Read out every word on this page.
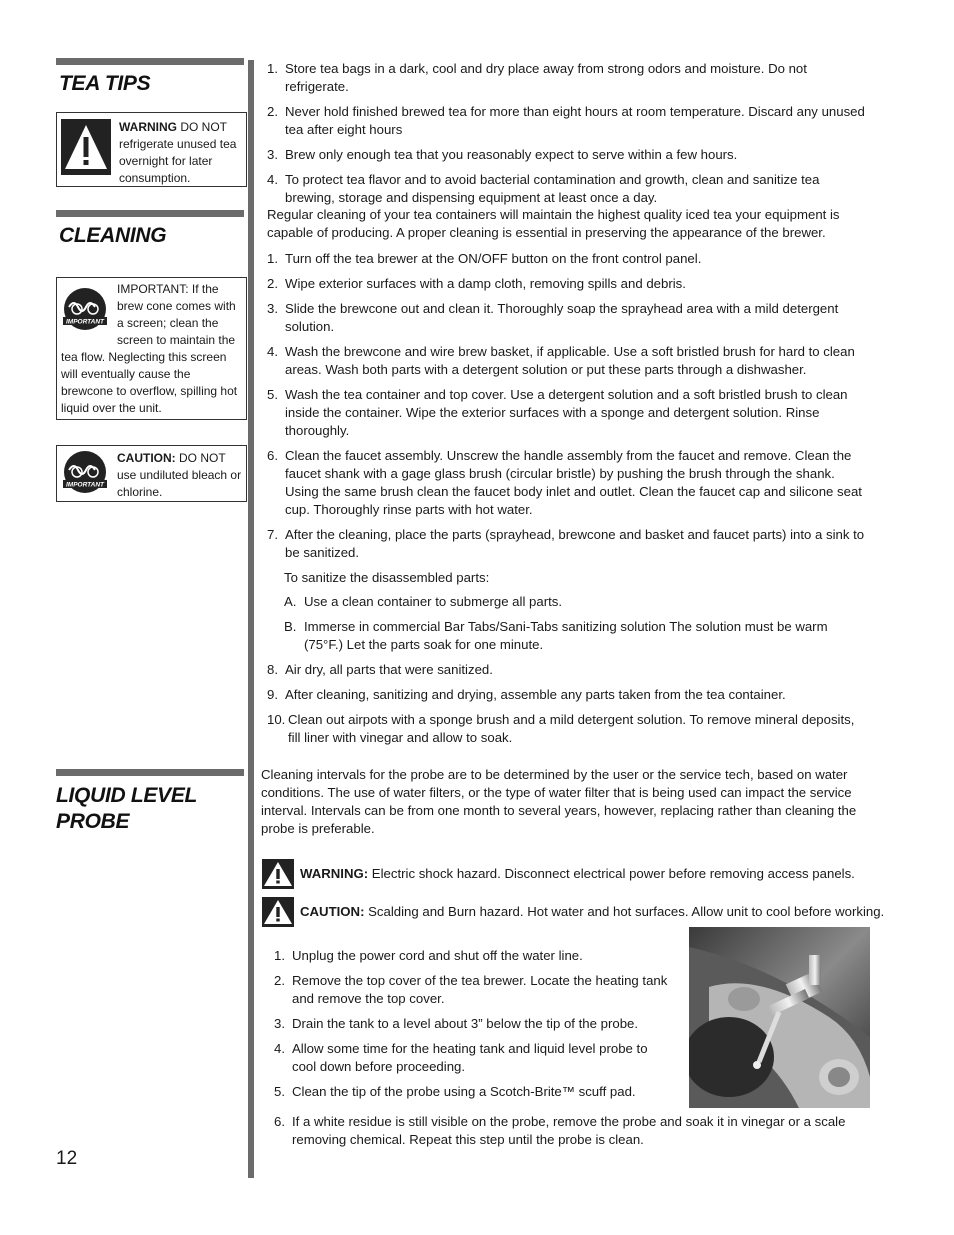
TEA TIPS
CLEANING
LIQUID LEVEL
PROBE
WARNING DO NOT refrigerate unused tea overnight for later consumption.
IMPORTANT
IMPORTANT: If the brew cone comes with a screen; clean the screen to maintain the tea flow. Neglecting this screen will eventually cause the brewcone to overflow, spilling hot liquid over the unit.
IMPORTANT
CAUTION: DO NOT use undiluted bleach or chlorine.
1. Store tea bags in a dark, cool and dry place away from strong odors and moisture. Do not refrigerate.
2. Never hold finished brewed tea for more than eight hours at room temperature. Discard any unused tea after eight hours
3. Brew only enough tea that you reasonably expect to serve within a few hours.
4. To protect tea flavor and to avoid bacterial contamination and growth, clean and sanitize tea brewing, storage and dispensing equipment at least once a day.

Regular cleaning of your tea containers will maintain the highest quality iced tea your equipment is capable of producing. A proper cleaning is essential in preserving the appearance of the brewer.

1. Turn off the tea brewer at the ON/OFF button on the front control panel.
2. Wipe exterior surfaces with a damp cloth, removing spills and debris.
3. Slide the brewcone out and clean it. Thoroughly soap the sprayhead area with a mild detergent solution.
4. Wash the brewcone and wire brew basket, if applicable. Use a soft bristled brush for hard to clean areas. Wash both parts with a detergent solution or put these parts through a dishwasher.
5. Wash the tea container and top cover. Use a detergent solution and a soft bristled brush to clean inside the container. Wipe the exterior surfaces with a sponge and detergent solution. Rinse thoroughly.
6. Clean the faucet assembly. Unscrew the handle assembly from the faucet and remove. Clean the faucet shank with a gage glass brush (circular bristle) by pushing the brush through the shank. Using the same brush clean the faucet body inlet and outlet. Clean the faucet cap and silicone seat cup. Thoroughly rinse parts with hot water.
7. After the cleaning, place the parts (sprayhead, brewcone and basket and faucet parts) into a sink to be sanitized.
To sanitize the disassembled parts:
A. Use a clean container to submerge all parts.
B. Immerse in commercial Bar Tabs/Sani-Tabs sanitizing solution The solution must be warm (75°F.) Let the parts soak for one minute.
8. Air dry, all parts that were sanitized.
9. After cleaning, sanitizing and drying, assemble any parts taken from the tea container.
10. Clean out airpots with a sponge brush and a mild detergent solution. To remove mineral deposits, fill liner with vinegar and allow to soak.
Cleaning intervals for the probe are to be determined by the user or the service tech, based on water conditions. The use of water filters, or the type of water filter that is being used can impact the service interval. Intervals can be from one month to several years, however, replacing rather than cleaning the probe is preferable.
WARNING: Electric shock hazard. Disconnect electrical power before removing access panels.
CAUTION: Scalding and Burn hazard. Hot water and hot surfaces. Allow unit to cool before working.
1. Unplug the power cord and shut off the water line.
2. Remove the top cover of the tea brewer. Locate the heating tank and remove the top cover.
3. Drain the tank to a level about 3” below the tip of the probe.
4. Allow some time for the heating tank and liquid level probe to cool down before proceeding.
5. Clean the tip of the probe using a Scotch-Brite™ scuff pad.
6. If a white residue is still visible on the probe, remove the probe and soak it in vinegar or a scale removing chemical. Repeat this step until the probe is clean.
12
